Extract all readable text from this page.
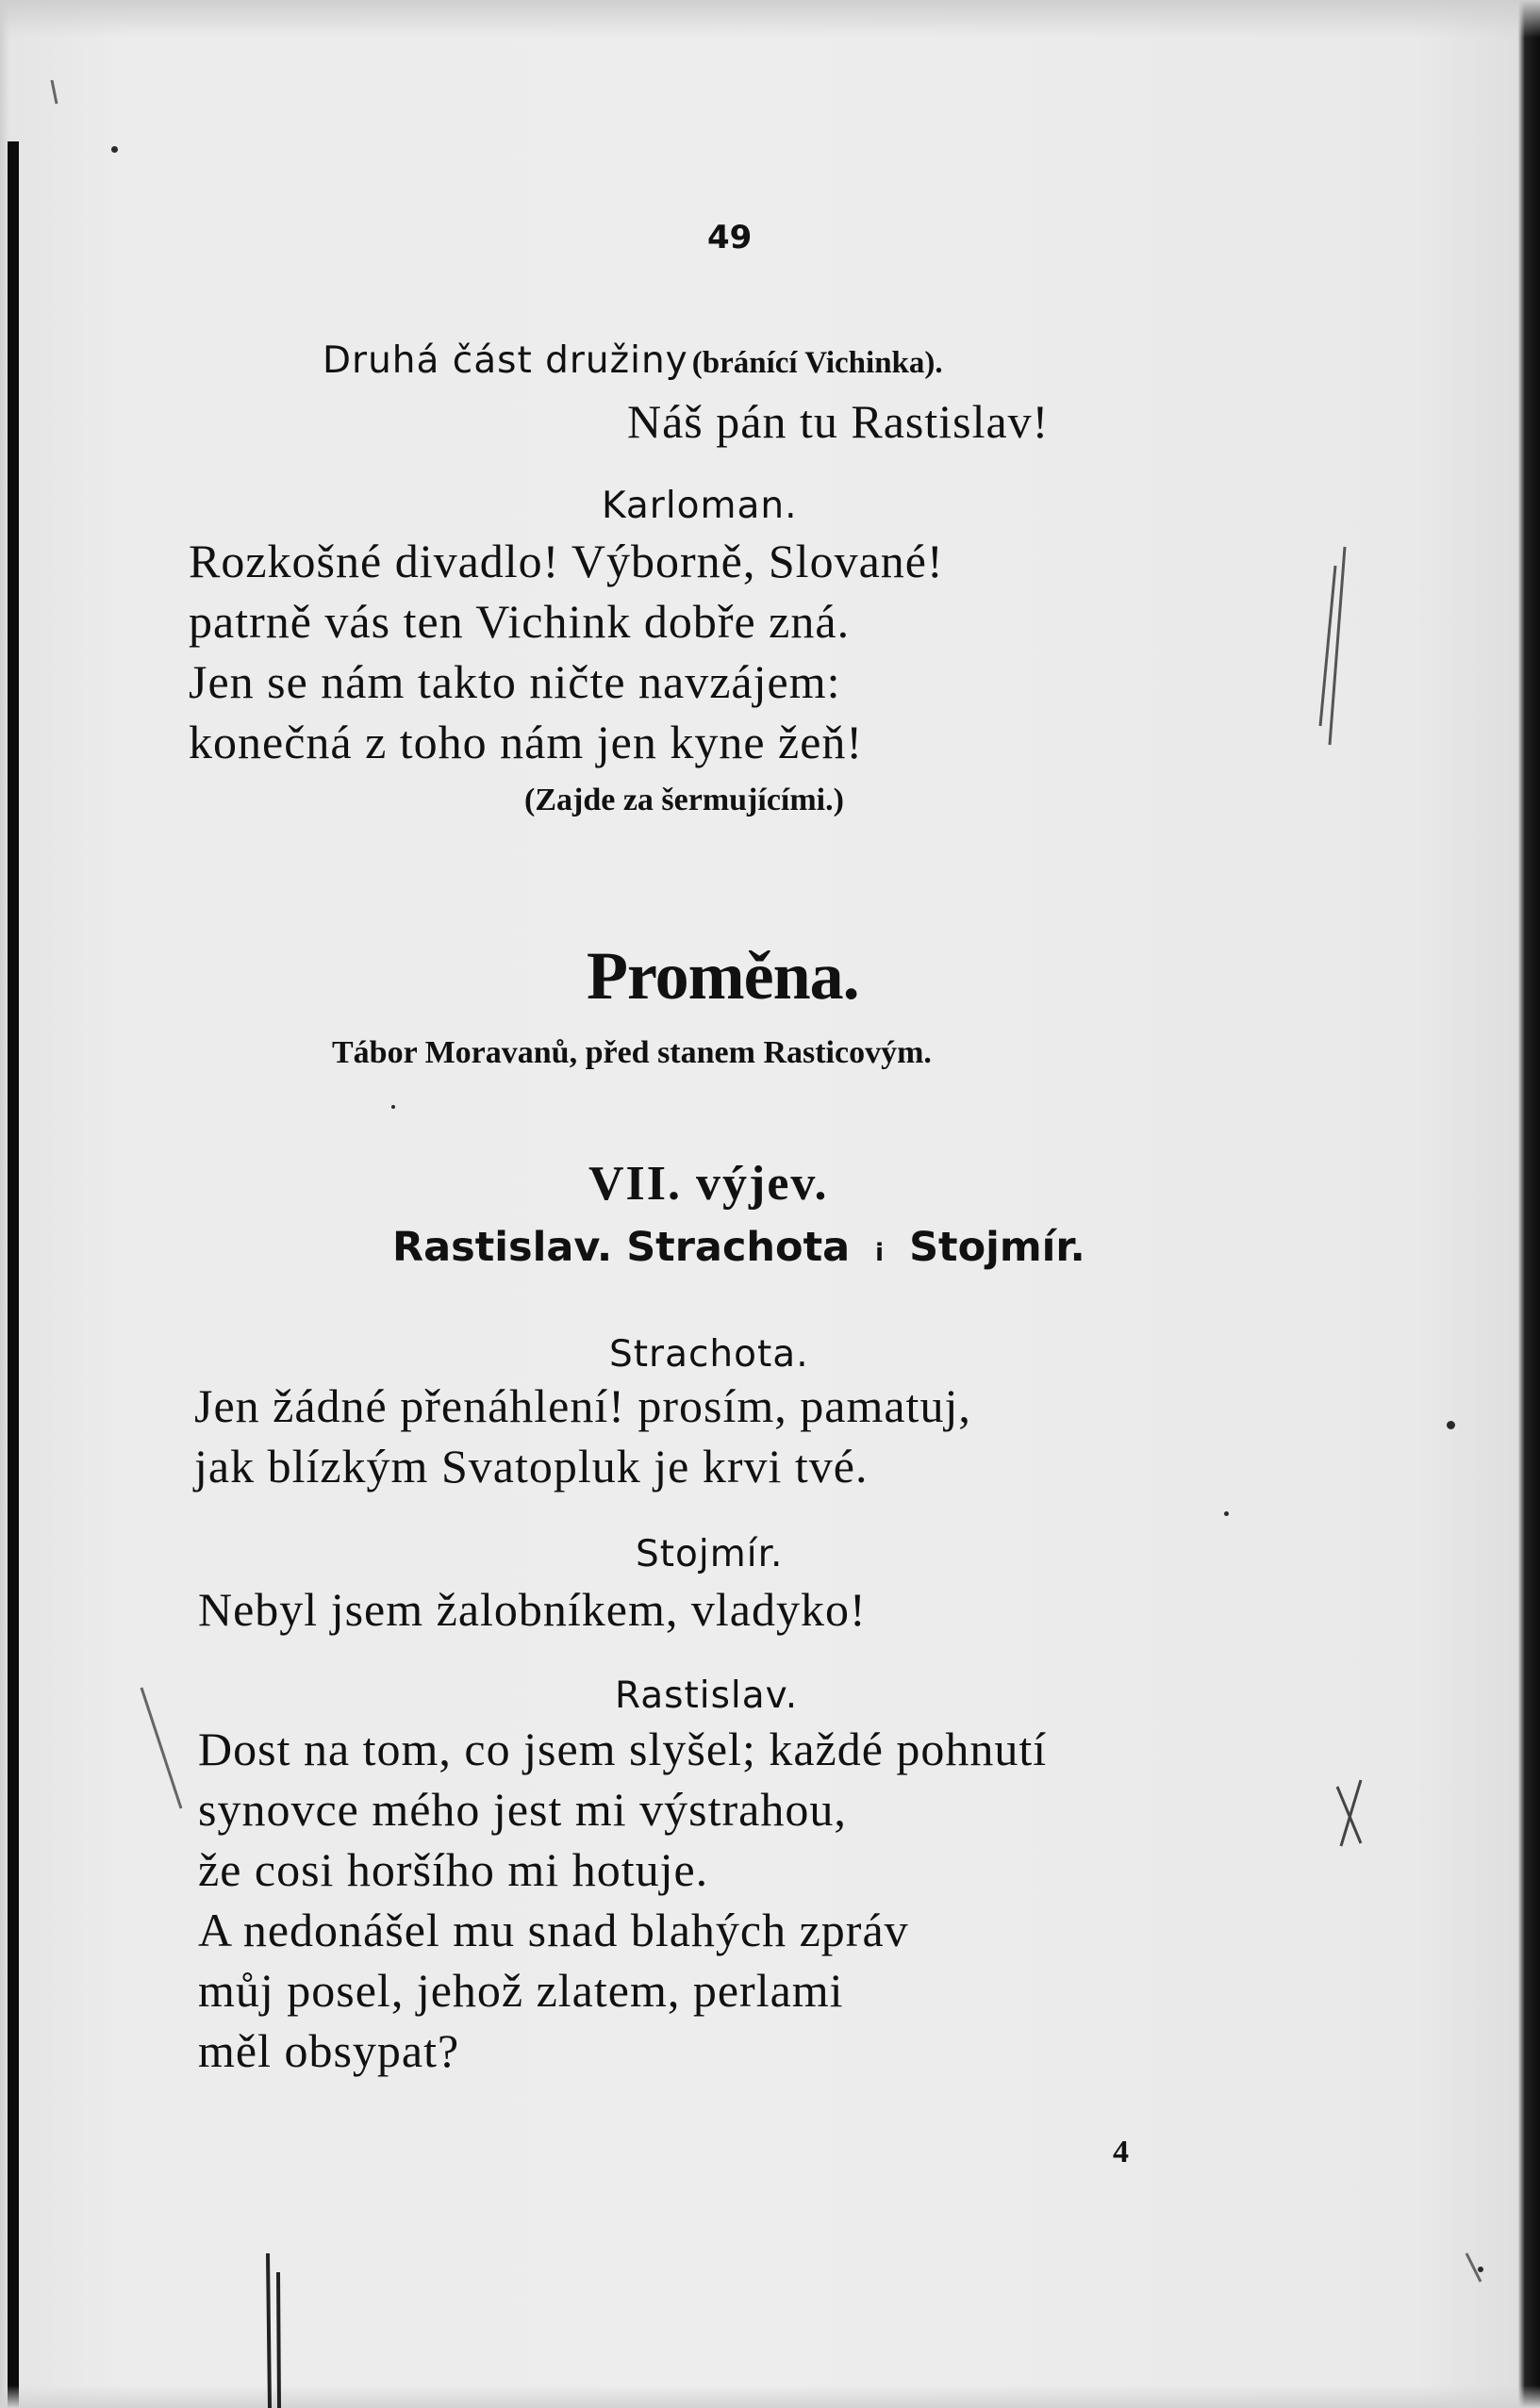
49

Druhá část družiny (bránící Vichinka).

Náš pán tu Rastislav!

Karloman.

Rozkošné divadlo! Výborně, Slované!

patrně vás ten Vichink dobře zná.

Jen se nám takto ničte navzájem:

konečná z toho nám jen kyne žeň!

(Zajde za šermujícími.)

Proměna.

Tábor Moravanů, před stanem Rasticovým.

VII. výjev.

Rastislav. Strachota i Stojmír.

Strachota.

Jen žádné přenáhlení! prosím, pamatuj,

jak blízkým Svatopluk je krvi tvé.

Stojmír.

Nebyl jsem žalobníkem, vladyko!

Rastislav.

Dost na tom, co jsem slyšel; každé pohnutí

synovce mého jest mi výstrahou,

že cosi horšího mi hotuje.

A nedonášel mu snad blahých zpráv

můj posel, jehož zlatem, perlami

měl obsypat?

4
